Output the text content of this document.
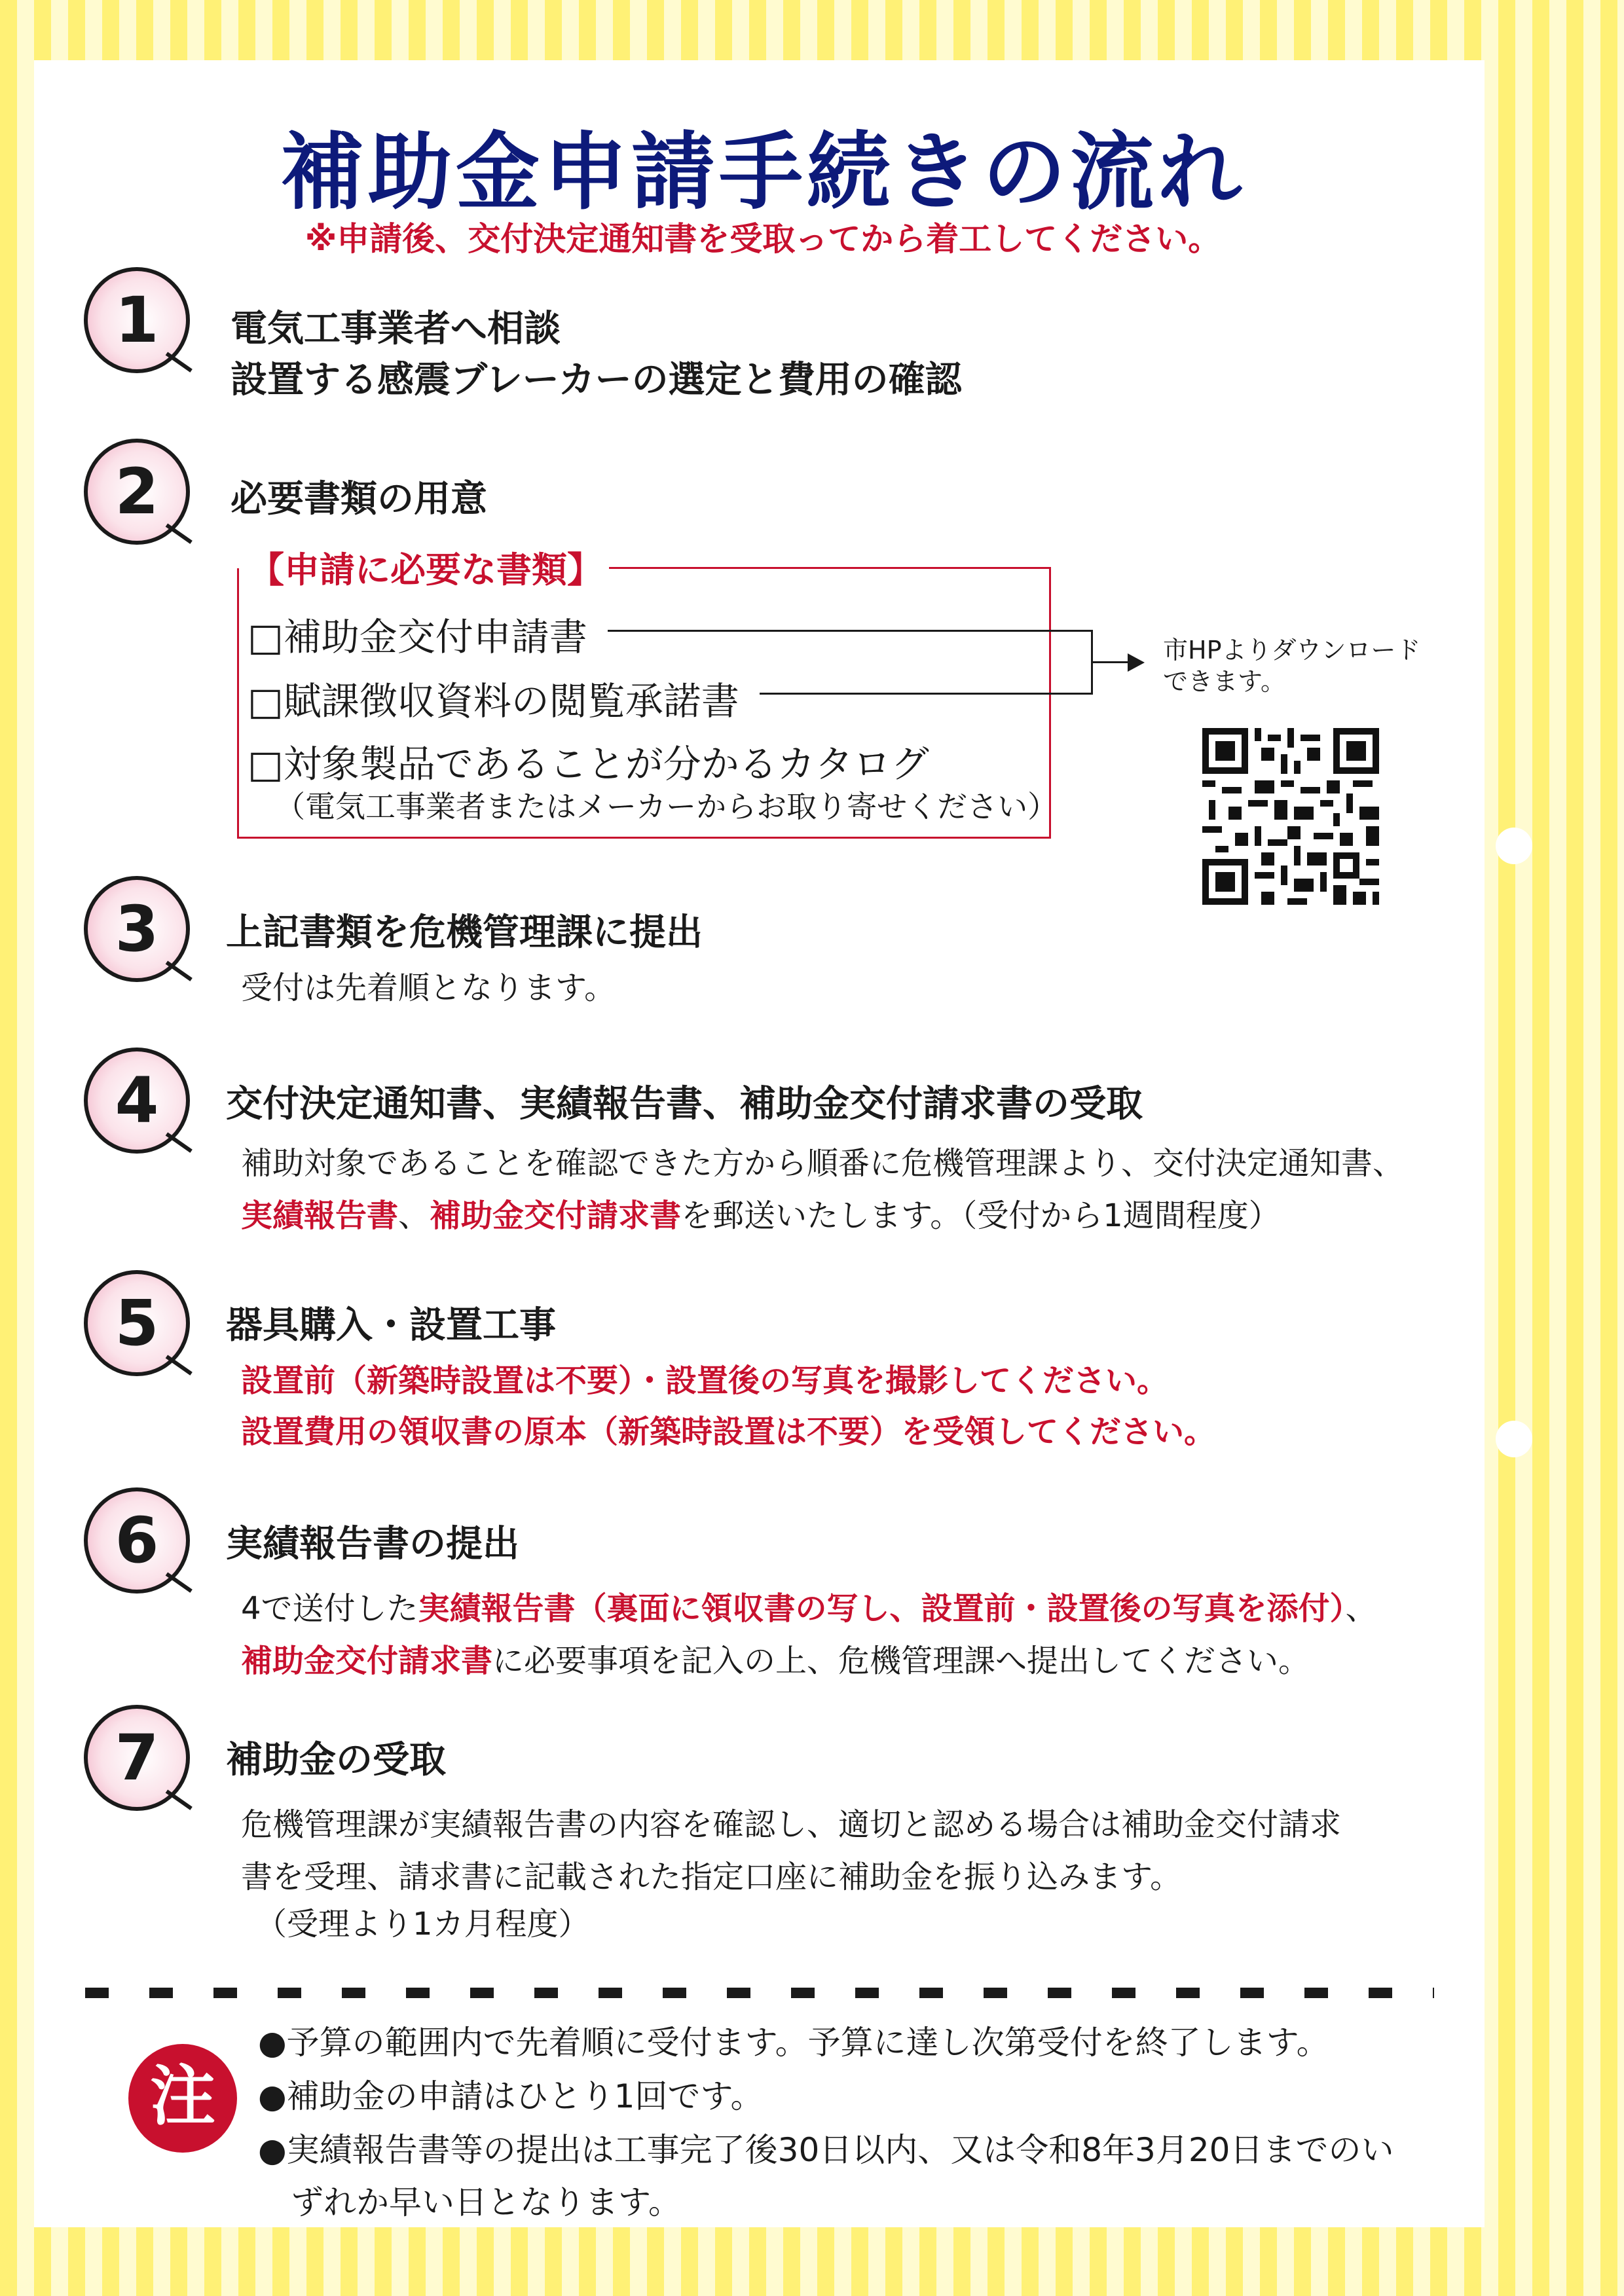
補助金申請手続きの流れ
※申請後、交付決定通知書を受取ってから着工してください。
1	電気工事業者へ相談
設置する感震ブレーカーの選定と費用の確認
2	必要書類の用意
【申請に必要な書類】
□補助金交付申請書
□賦課徴収資料の閲覧承諾書
□対象製品であることが分かるカタログ
（電気工事業者またはメーカーからお取り寄せください）
市HPよりダウンロード
できます。
3	上記書類を危機管理課に提出
受付は先着順となります。
4	交付決定通知書、実績報告書、補助金交付請求書の受取
補助対象であることを確認できた方から順番に危機管理課より、交付決定通知書、
実績報告書、補助金交付請求書を郵送いたします。（受付から1週間程度）
5	器具購入・設置工事
設置前（新築時設置は不要）・設置後の写真を撮影してください。
設置費用の領収書の原本（新築時設置は不要）を受領してください。
6	実績報告書の提出
4で送付した実績報告書（裏面に領収書の写し、設置前・設置後の写真を添付）、
補助金交付請求書に必要事項を記入の上、危機管理課へ提出してください。
7	補助金の受取
危機管理課が実績報告書の内容を確認し、適切と認める場合は補助金交付請求
書を受理、請求書に記載された指定口座に補助金を振り込みます。
（受理より1カ月程度）
注
●予算の範囲内で先着順に受付ます。予算に達し次第受付を終了します。
●補助金の申請はひとり1回です。
●実績報告書等の提出は工事完了後30日以内、又は令和8年3月20日までのい
　ずれか早い日となります。
